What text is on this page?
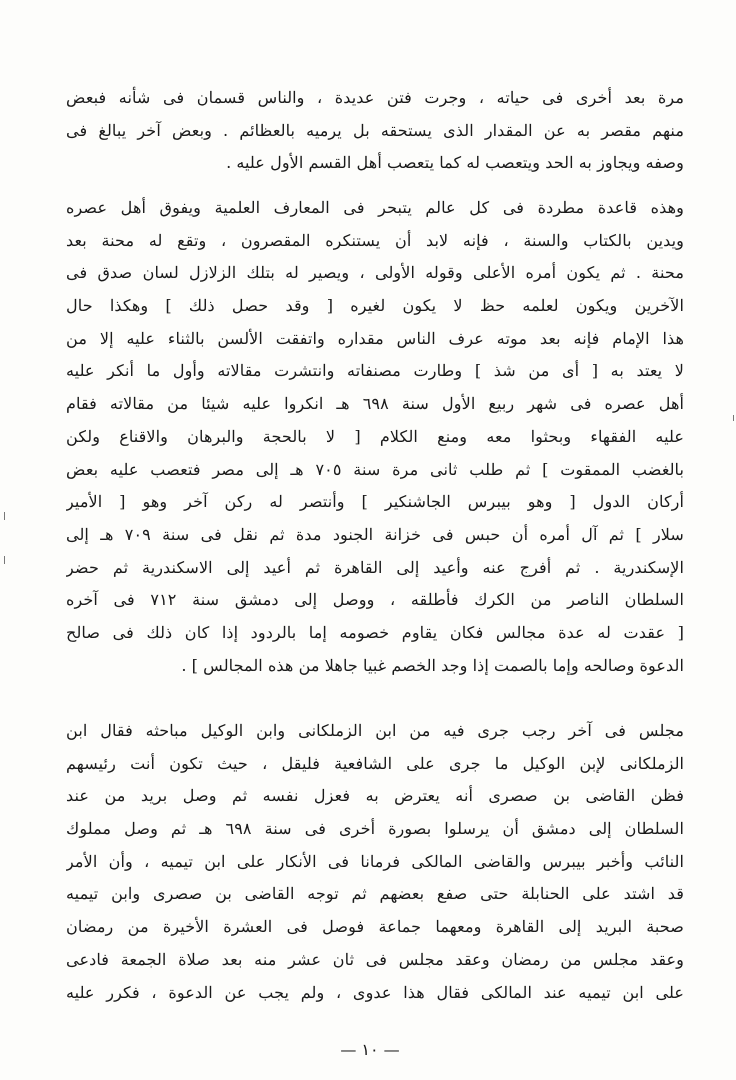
مرة بعد أخرى فى حياته ، وجرت فتن عديدة ، والناس قسمان فى شأنه فبعض
منهم مقصر به عن المقدار الذى يستحقه بل يرميه بالعظائم . وبعض آخر يبالغ فى
وصفه ويجاوز به الحد ويتعصب له كما يتعصب أهل القسم الأول عليه .
وهذه قاعدة مطردة فى كل عالم يتبحر فى المعارف العلمية ويفوق أهل عصره
ويدين بالكتاب والسنة ، فإنه لابد أن يستنكره المقصرون ، وتقع له محنة بعد
محنة . ثم يكون أمره الأعلى وقوله الأولى ، ويصير له بتلك الزلازل لسان صدق فى
الآخرين ويكون لعلمه حظ لا يكون لغيره [ وقد حصل ذلك ] وهكذا حال
هذا الإمام فإنه بعد موته عرف الناس مقداره واتفقت الألسن بالثناء عليه إلا من
لا يعتد به [ أى من شذ ] وطارت مصنفاته وانتشرت مقالاته وأول ما أنكر عليه
أهل عصره فى شهر ربيع الأول سنة ٦٩٨ هـ انكروا عليه شيئا من مقالاته فقام
عليه الفقهاء وبحثوا معه ومنع الكلام [ لا بالحجة والبرهان والاقناع ولكن
بالغضب الممقوت ] ثم طلب ثانى مرة سنة ٧٠٥ هـ إلى مصر فتعصب عليه بعض
أركان الدول [ وهو بيبرس الجاشنكير ] وأنتصر له ركن آخر وهو [ الأمير
سلار ] ثم آل أمره أن حبس فى خزانة الجنود مدة ثم نقل فى سنة ٧٠٩ هـ إلى
الإسكندرية . ثم أفرج عنه وأعيد إلى القاهرة ثم أعيد إلى الاسكندرية ثم حضر
السلطان الناصر من الكرك فأطلقه ، ووصل إلى دمشق سنة ٧١٢ فى آخره
[ عقدت له عدة مجالس فكان يقاوم خصومه إما بالردود إذا كان ذلك فى صالح
الدعوة وصالحه وإما بالصمت إذا وجد الخصم غبيا جاهلا من هذه المجالس ] .
مجلس فى آخر رجب جرى فيه من ابن الزملكانى وابن الوكيل مباحثه فقال ابن
الزملكانى لإبن الوكيل ما جرى على الشافعية فليقل ، حيث تكون أنت رئيسهم
فظن القاضى بن صصرى أنه يعترض به فعزل نفسه ثم وصل بريد من عند
السلطان إلى دمشق أن يرسلوا بصورة أخرى فى سنة ٦٩٨ هـ ثم وصل مملوك
النائب وأخبر بيبرس والقاضى المالكى فرمانا فى الأنكار على ابن تيميه ، وأن الأمر
قد اشتد على الحنابلة حتى صفع بعضهم ثم توجه القاضى بن صصرى وابن تيميه
صحبة البريد إلى القاهرة ومعهما جماعة فوصل فى العشرة الأخيرة من رمضان
وعقد مجلس من رمضان وعقد مجلس فى ثان عشر منه بعد صلاة الجمعة فادعى
على ابن تيميه عند المالكى فقال هذا عدوى ، ولم يجب عن الدعوة ، فكرر عليه
— ١٠ —
